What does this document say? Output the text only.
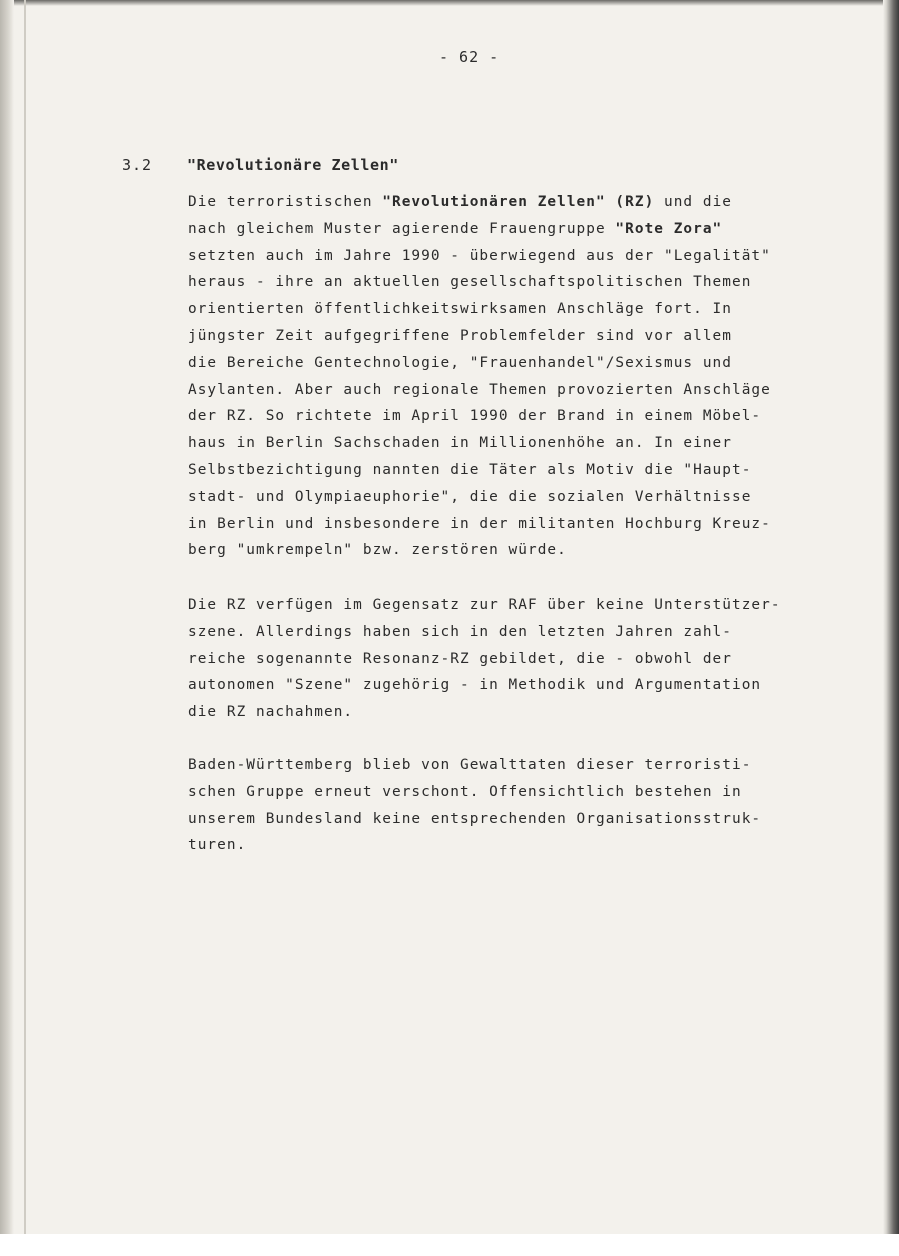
- 62 -
3.2 "Revolutionäre Zellen"
Die terroristischen "Revolutionären Zellen" (RZ) und die
nach gleichem Muster agierende Frauengruppe "Rote Zora"
setzten auch im Jahre 1990 - überwiegend aus der "Legalität"
heraus - ihre an aktuellen gesellschaftspolitischen Themen
orientierten öffentlichkeitswirksamen Anschläge fort. In
jüngster Zeit aufgegriffene Problemfelder sind vor allem
die Bereiche Gentechnologie, "Frauenhandel"/Sexismus und
Asylanten. Aber auch regionale Themen provozierten Anschläge
der RZ. So richtete im April 1990 der Brand in einem Möbel-
haus in Berlin Sachschaden in Millionenhöhe an. In einer
Selbstbezichtigung nannten die Täter als Motiv die "Haupt-
stadt- und Olympiaeuphorie", die die sozialen Verhältnisse
in Berlin und insbesondere in der militanten Hochburg Kreuz-
berg "umkrempeln" bzw. zerstören würde.
Die RZ verfügen im Gegensatz zur RAF über keine Unterstützer-
szene. Allerdings haben sich in den letzten Jahren zahl-
reiche sogenannte Resonanz-RZ gebildet, die - obwohl der
autonomen "Szene" zugehörig - in Methodik und Argumentation
die RZ nachahmen.
Baden-Württemberg blieb von Gewalttaten dieser terroristi-
schen Gruppe erneut verschont. Offensichtlich bestehen in
unserem Bundesland keine entsprechenden Organisationsstruk-
turen.
